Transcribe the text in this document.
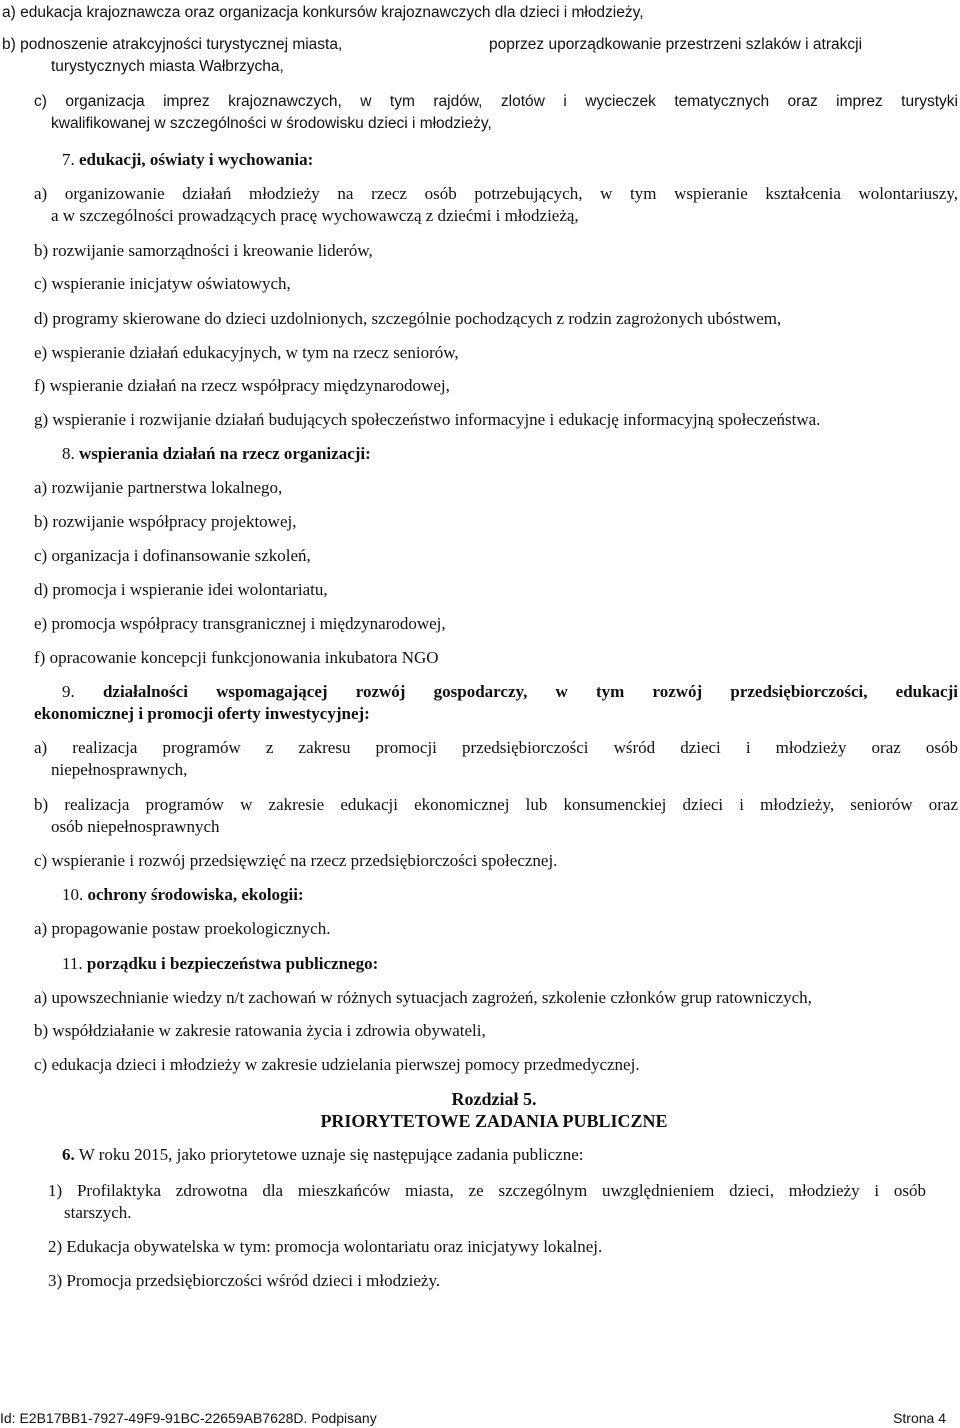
a) edukacja krajoznawcza oraz organizacja konkursów krajoznawczych dla dzieci i młodzieży,
b) podnoszenie atrakcyjności turystycznej miasta,	poprzez uporządkowanie przestrzeni szlaków i atrakcji
turystycznych miasta Wałbrzycha,
c) organizacja imprez krajoznawczych, w tym rajdów, zlotów i wycieczek tematycznych oraz imprez turystyki
kwalifikowanej w szczególności w środowisku dzieci i młodzieży,
7. edukacji, oświaty i wychowania:
a) organizowanie działań młodzieży na rzecz osób potrzebujących, w tym wspieranie kształcenia wolontariuszy,
a w szczególności prowadzących pracę wychowawczą z dziećmi i młodzieżą,
b) rozwijanie samorządności i kreowanie liderów,
c) wspieranie inicjatyw oświatowych,
d) programy skierowane do dzieci uzdolnionych, szczególnie pochodzących z rodzin zagrożonych ubóstwem,
e) wspieranie działań edukacyjnych, w tym na rzecz seniorów,
f) wspieranie działań na rzecz współpracy międzynarodowej,
g) wspieranie i rozwijanie działań budujących społeczeństwo informacyjne i edukację informacyjną społeczeństwa.
8. wspierania działań na rzecz organizacji:
a) rozwijanie partnerstwa lokalnego,
b) rozwijanie współpracy projektowej,
c) organizacja i dofinansowanie szkoleń,
d) promocja i wspieranie idei wolontariatu,
e) promocja współpracy transgranicznej i międzynarodowej,
f) opracowanie koncepcji funkcjonowania inkubatora NGO
9. działalności wspomagającej rozwój gospodarczy, w tym rozwój przedsiębiorczości, edukacji
ekonomicznej i promocji oferty inwestycyjnej:
a) realizacja programów z zakresu promocji przedsiębiorczości wśród dzieci i młodzieży oraz osób
niepełnosprawnych,
b) realizacja programów w zakresie edukacji ekonomicznej lub konsumenckiej dzieci i młodzieży, seniorów oraz
osób niepełnosprawnych
c) wspieranie i rozwój przedsięwzięć na rzecz przedsiębiorczości społecznej.
10. ochrony środowiska, ekologii:
a) propagowanie postaw proekologicznych.
11. porządku i bezpieczeństwa publicznego:
a) upowszechnianie wiedzy n/t zachowań w różnych sytuacjach zagrożeń, szkolenie członków grup ratowniczych,
b) współdziałanie w zakresie ratowania życia i zdrowia obywateli,
c) edukacja dzieci i młodzieży w zakresie udzielania pierwszej pomocy przedmedycznej.
Rozdział 5.
PRIORYTETOWE ZADANIA PUBLICZNE
6. W roku 2015, jako priorytetowe uznaje się następujące zadania publiczne:
1) Profilaktyka zdrowotna dla mieszkańców miasta, ze szczególnym uwzględnieniem dzieci, młodzieży i osób
starszych.
2) Edukacja obywatelska w tym: promocja wolontariatu oraz inicjatywy lokalnej.
3) Promocja przedsiębiorczości wśród dzieci i młodzieży.
Id: E2B17BB1-7927-49F9-91BC-22659AB7628D. Podpisany	Strona 4
